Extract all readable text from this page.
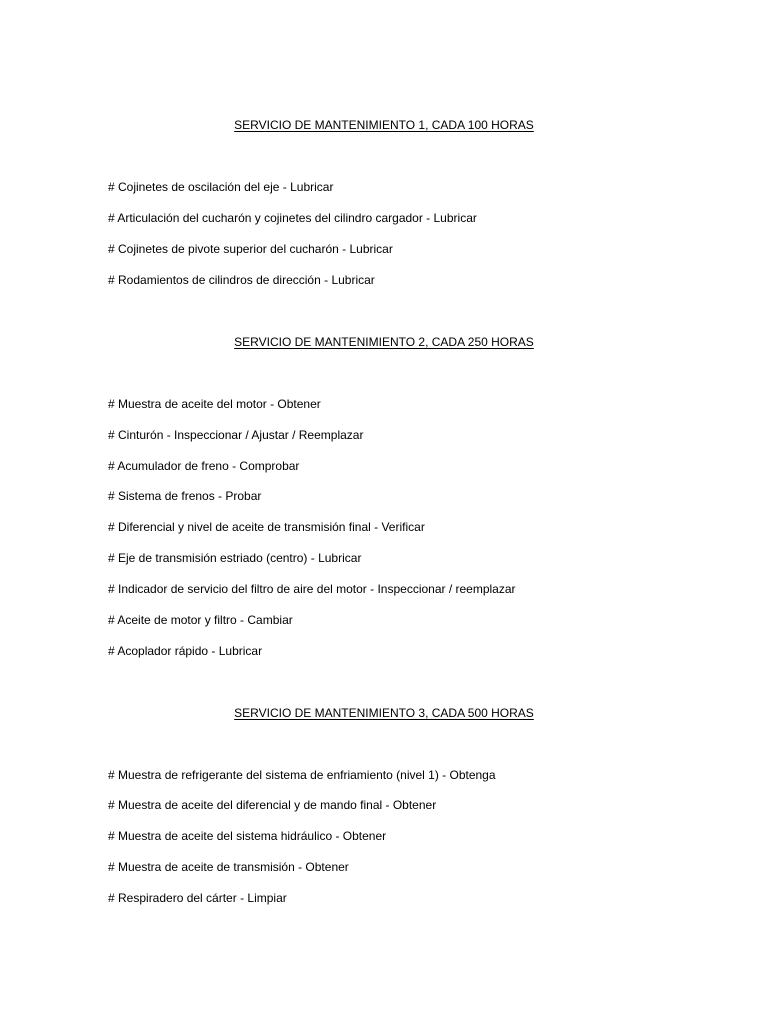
SERVICIO DE MANTENIMIENTO 1, CADA 100 HORAS
# Cojinetes de oscilación del eje - Lubricar
# Articulación del cucharón y cojinetes del cilindro cargador - Lubricar
# Cojinetes de pivote superior del cucharón - Lubricar
# Rodamientos de cilindros de dirección - Lubricar
SERVICIO DE MANTENIMIENTO 2, CADA 250 HORAS
# Muestra de aceite del motor - Obtener
# Cinturón - Inspeccionar / Ajustar / Reemplazar
# Acumulador de freno - Comprobar
# Sistema de frenos - Probar
# Diferencial y nivel de aceite de transmisión final - Verificar
# Eje de transmisión estriado (centro) - Lubricar
# Indicador de servicio del filtro de aire del motor - Inspeccionar / reemplazar
# Aceite de motor y filtro - Cambiar
# Acoplador rápido - Lubricar
SERVICIO DE MANTENIMIENTO 3, CADA 500 HORAS
# Muestra de refrigerante del sistema de enfriamiento (nivel 1) - Obtenga
# Muestra de aceite del diferencial y de mando final - Obtener
# Muestra de aceite del sistema hidráulico - Obtener
# Muestra de aceite de transmisión - Obtener
# Respiradero del cárter - Limpiar
